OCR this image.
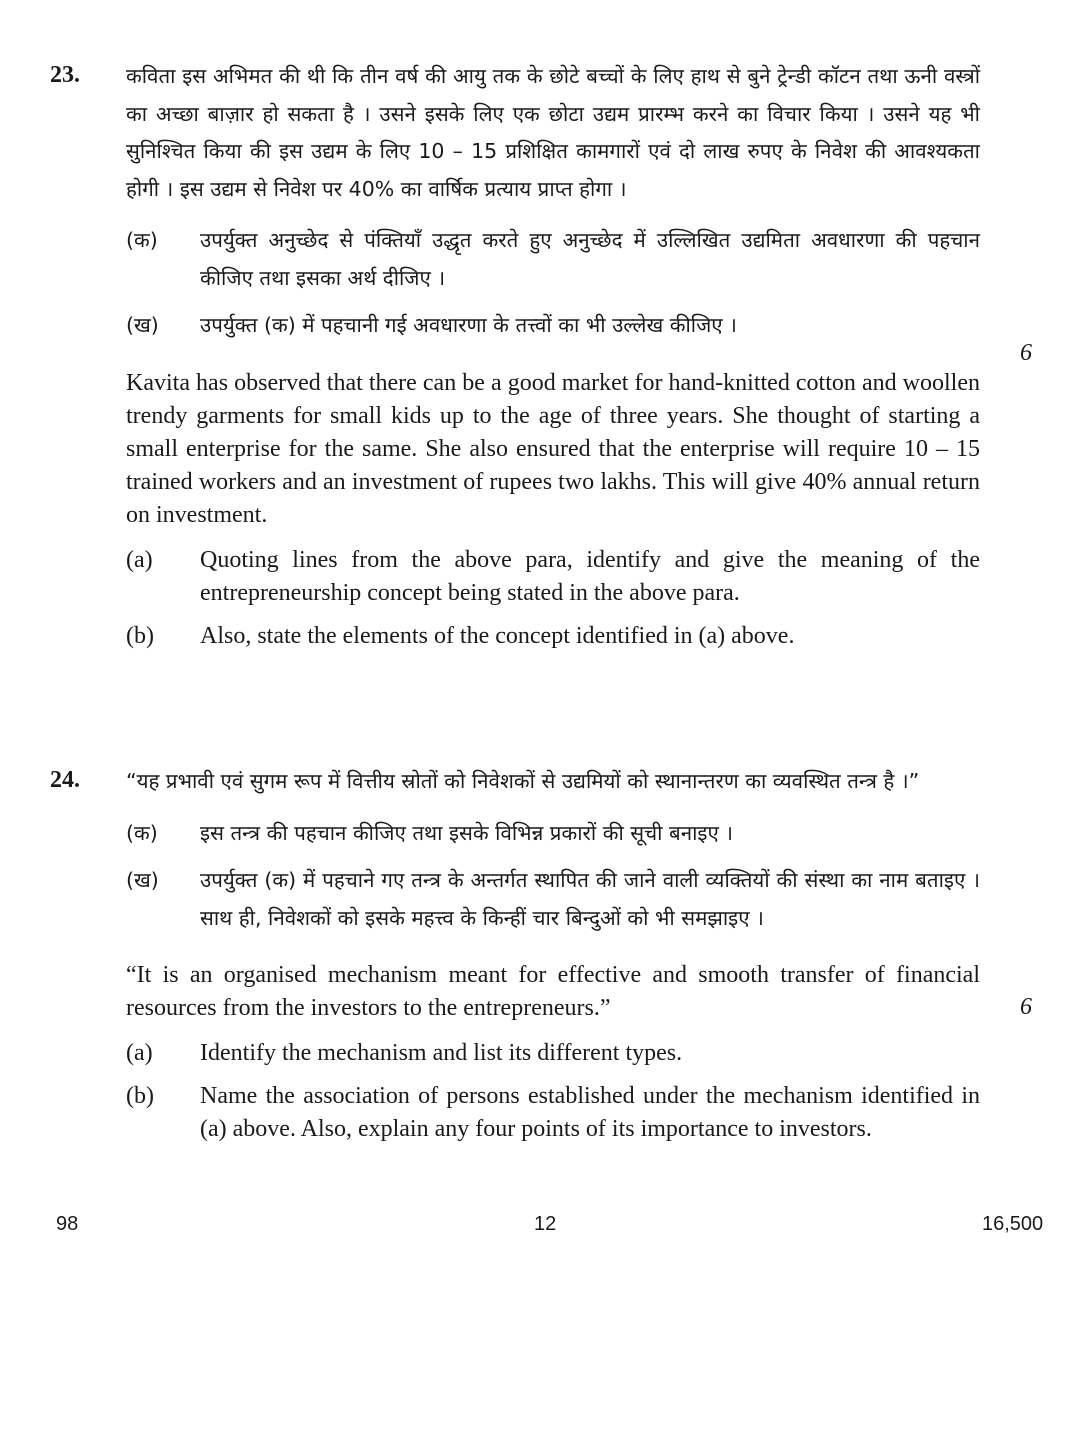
23. कविता इस अभिमत की थी कि तीन वर्ष की आयु तक के छोटे बच्चों के लिए हाथ से बुने ट्रेन्डी कॉटन तथा ऊनी वस्त्रों का अच्छा बाज़ार हो सकता है । उसने इसके लिए एक छोटा उद्यम प्रारम्भ करने का विचार किया । उसने यह भी सुनिश्चित किया की इस उद्यम के लिए 10 – 15 प्रशिक्षित कामगारों एवं दो लाख रुपए के निवेश की आवश्यकता होगी । इस उद्यम से निवेश पर 40% का वार्षिक प्रत्याय प्राप्त होगा ।
(क) उपर्युक्त अनुच्छेद से पंक्तियाँ उद्धृत करते हुए अनुच्छेद में उल्लिखित उद्यमिता अवधारणा की पहचान कीजिए तथा इसका अर्थ दीजिए ।
(ख) उपर्युक्त (क) में पहचानी गई अवधारणा के तत्त्वों का भी उल्लेख कीजिए ।
Kavita has observed that there can be a good market for hand-knitted cotton and woollen trendy garments for small kids up to the age of three years. She thought of starting a small enterprise for the same. She also ensured that the enterprise will require 10 – 15 trained workers and an investment of rupees two lakhs. This will give 40% annual return on investment.
(a) Quoting lines from the above para, identify and give the meaning of the entrepreneurship concept being stated in the above para.
(b) Also, state the elements of the concept identified in (a) above.
6
24. “यह प्रभावी एवं सुगम रूप में वित्तीय स्रोतों को निवेशकों से उद्यमियों को स्थानान्तरण का व्यवस्थित तन्त्र है ।”
(क) इस तन्त्र की पहचान कीजिए तथा इसके विभिन्न प्रकारों की सूची बनाइए ।
(ख) उपर्युक्त (क) में पहचाने गए तन्त्र के अन्तर्गत स्थापित की जाने वाली व्यक्तियों की संस्था का नाम बताइए । साथ ही, निवेशकों को इसके महत्त्व के किन्हीं चार बिन्दुओं को भी समझाइए ।
“It is an organised mechanism meant for effective and smooth transfer of financial resources from the investors to the entrepreneurs.”
(a) Identify the mechanism and list its different types.
(b) Name the association of persons established under the mechanism identified in (a) above. Also, explain any four points of its importance to investors.
6
98	12	16,500
